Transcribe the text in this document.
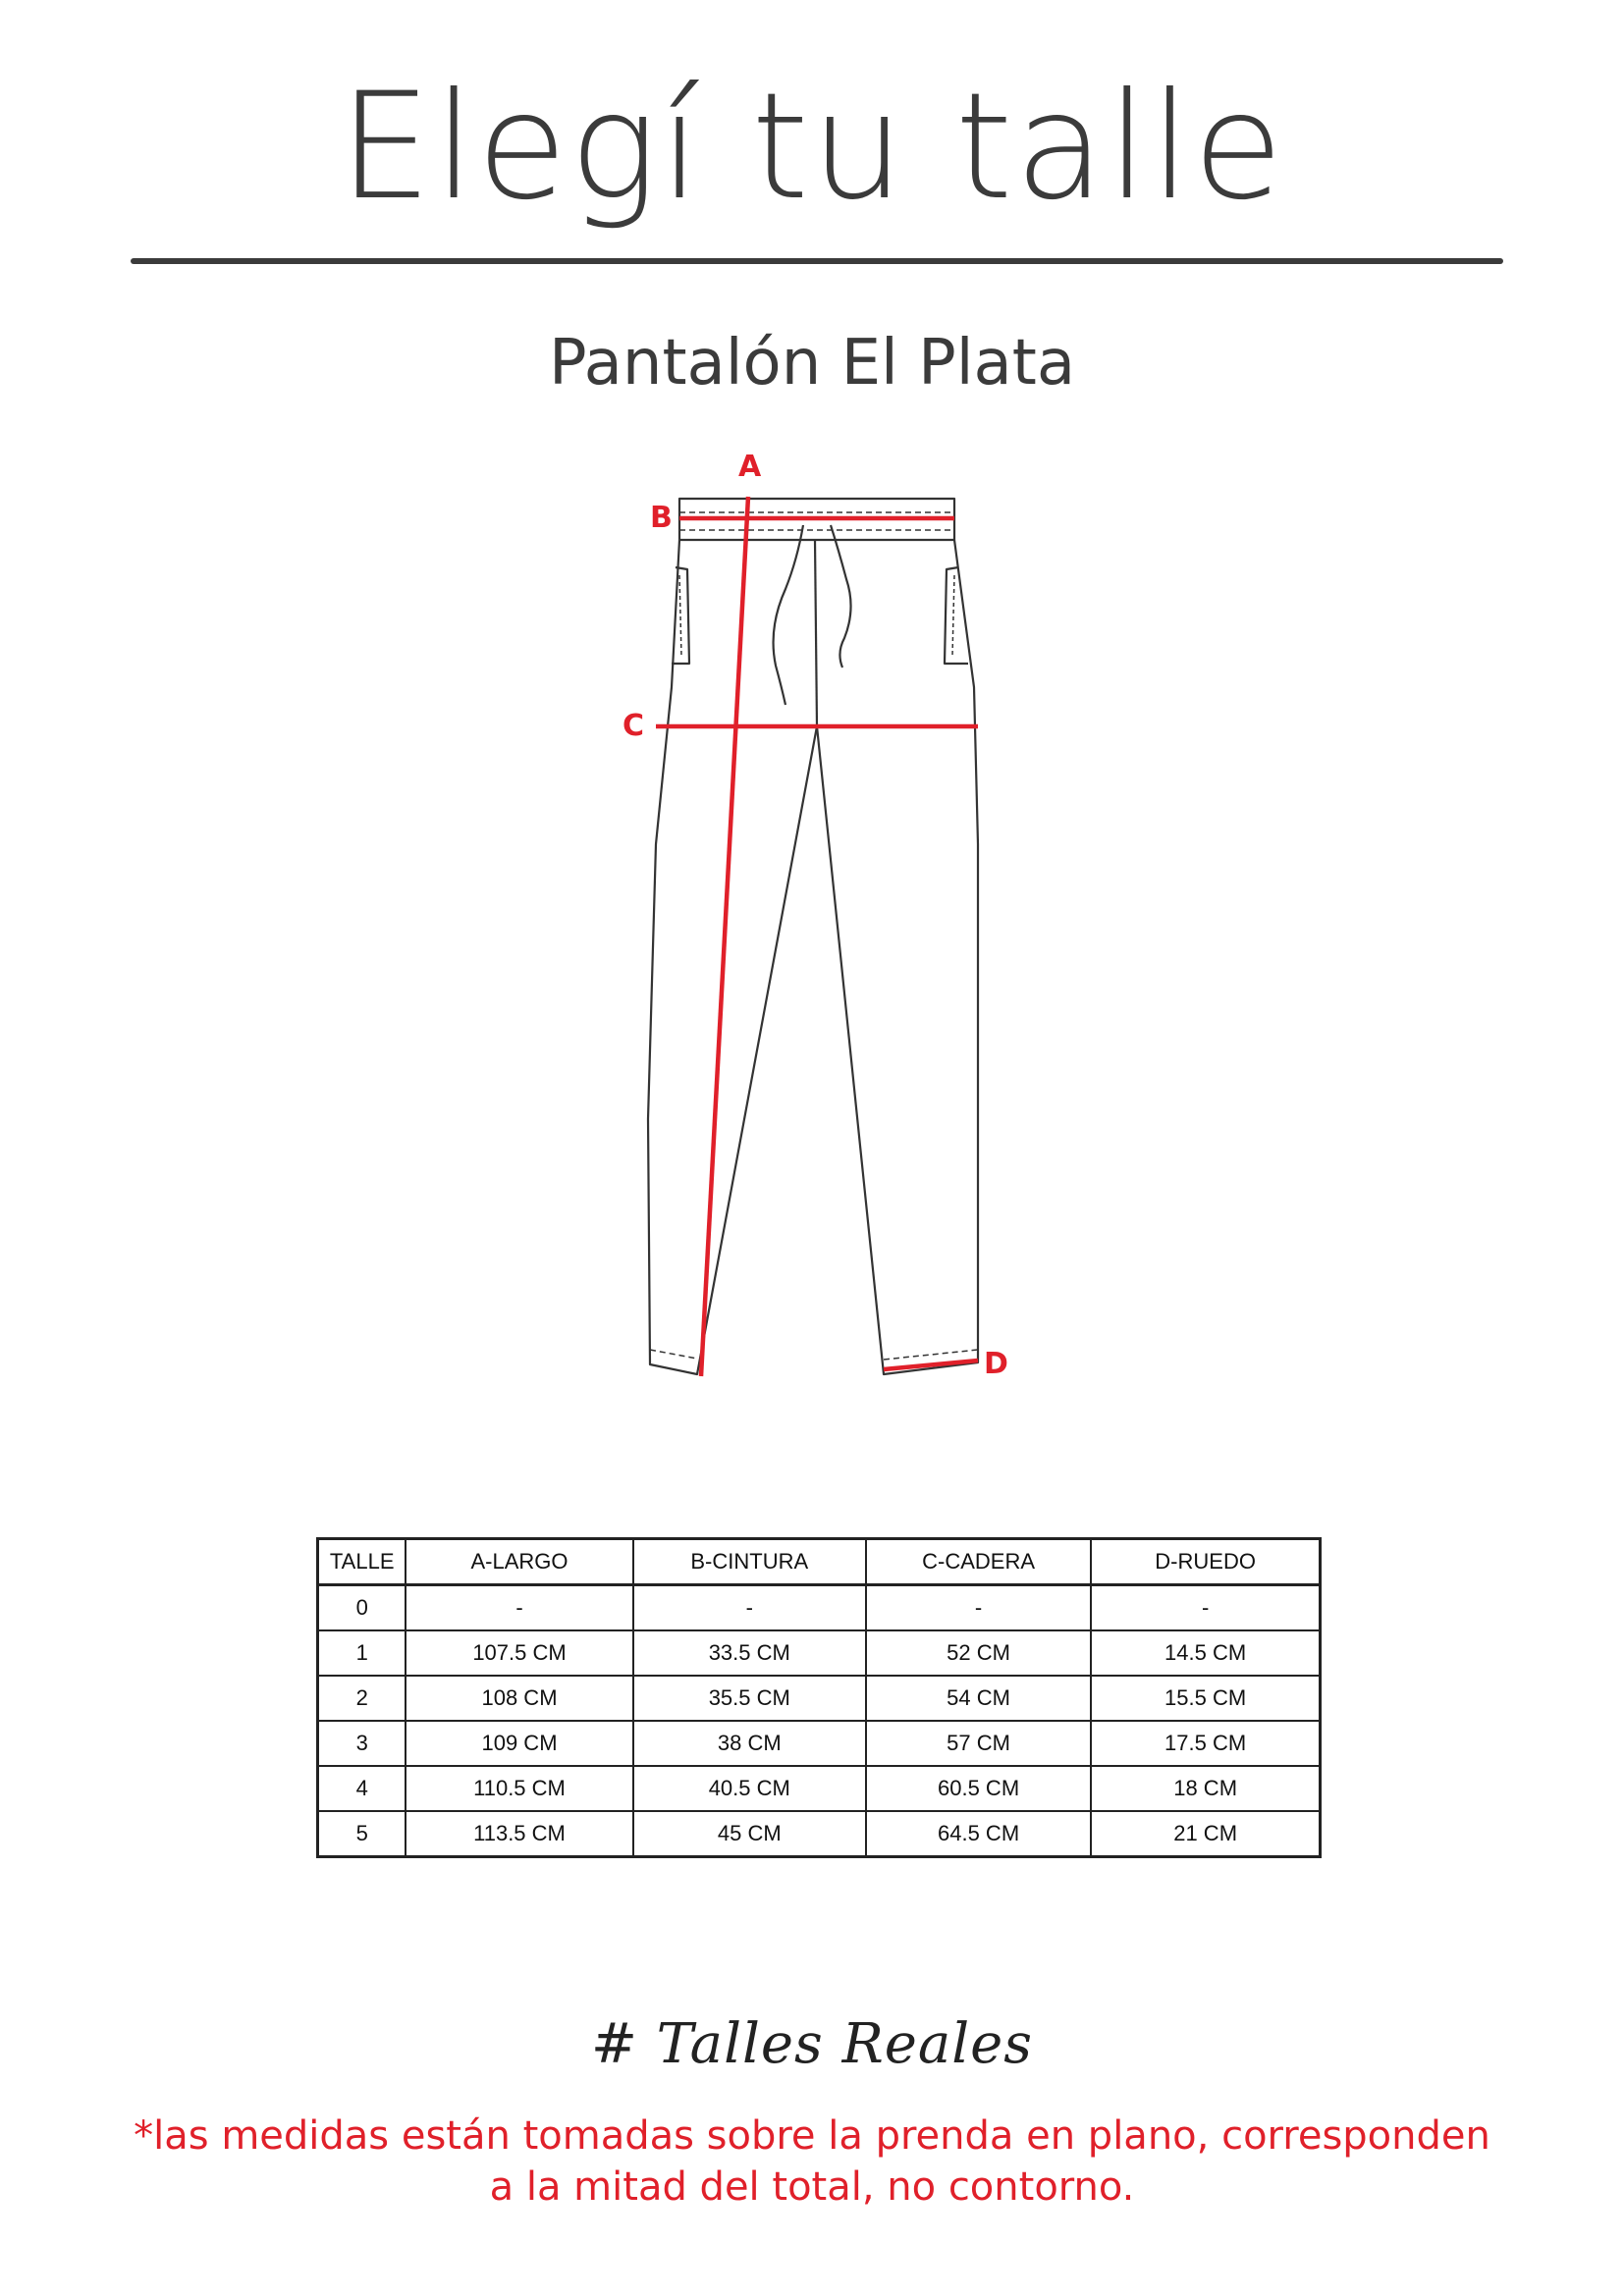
Elegí tu talle
Pantalón El Plata
A
B
C
D
TALLE	A-LARGO	B-CINTURA	C-CADERA	D-RUEDO
0	-	-	-	-
1	107.5 CM	33.5 CM	52 CM	14.5 CM
2	108 CM	35.5 CM	54 CM	15.5 CM
3	109 CM	38 CM	57 CM	17.5 CM
4	110.5 CM	40.5 CM	60.5 CM	18 CM
5	113.5 CM	45 CM	64.5 CM	21 CM
# Talles Reales
*las medidas están tomadas sobre la prenda en plano, corresponden
a la mitad del total, no contorno.
